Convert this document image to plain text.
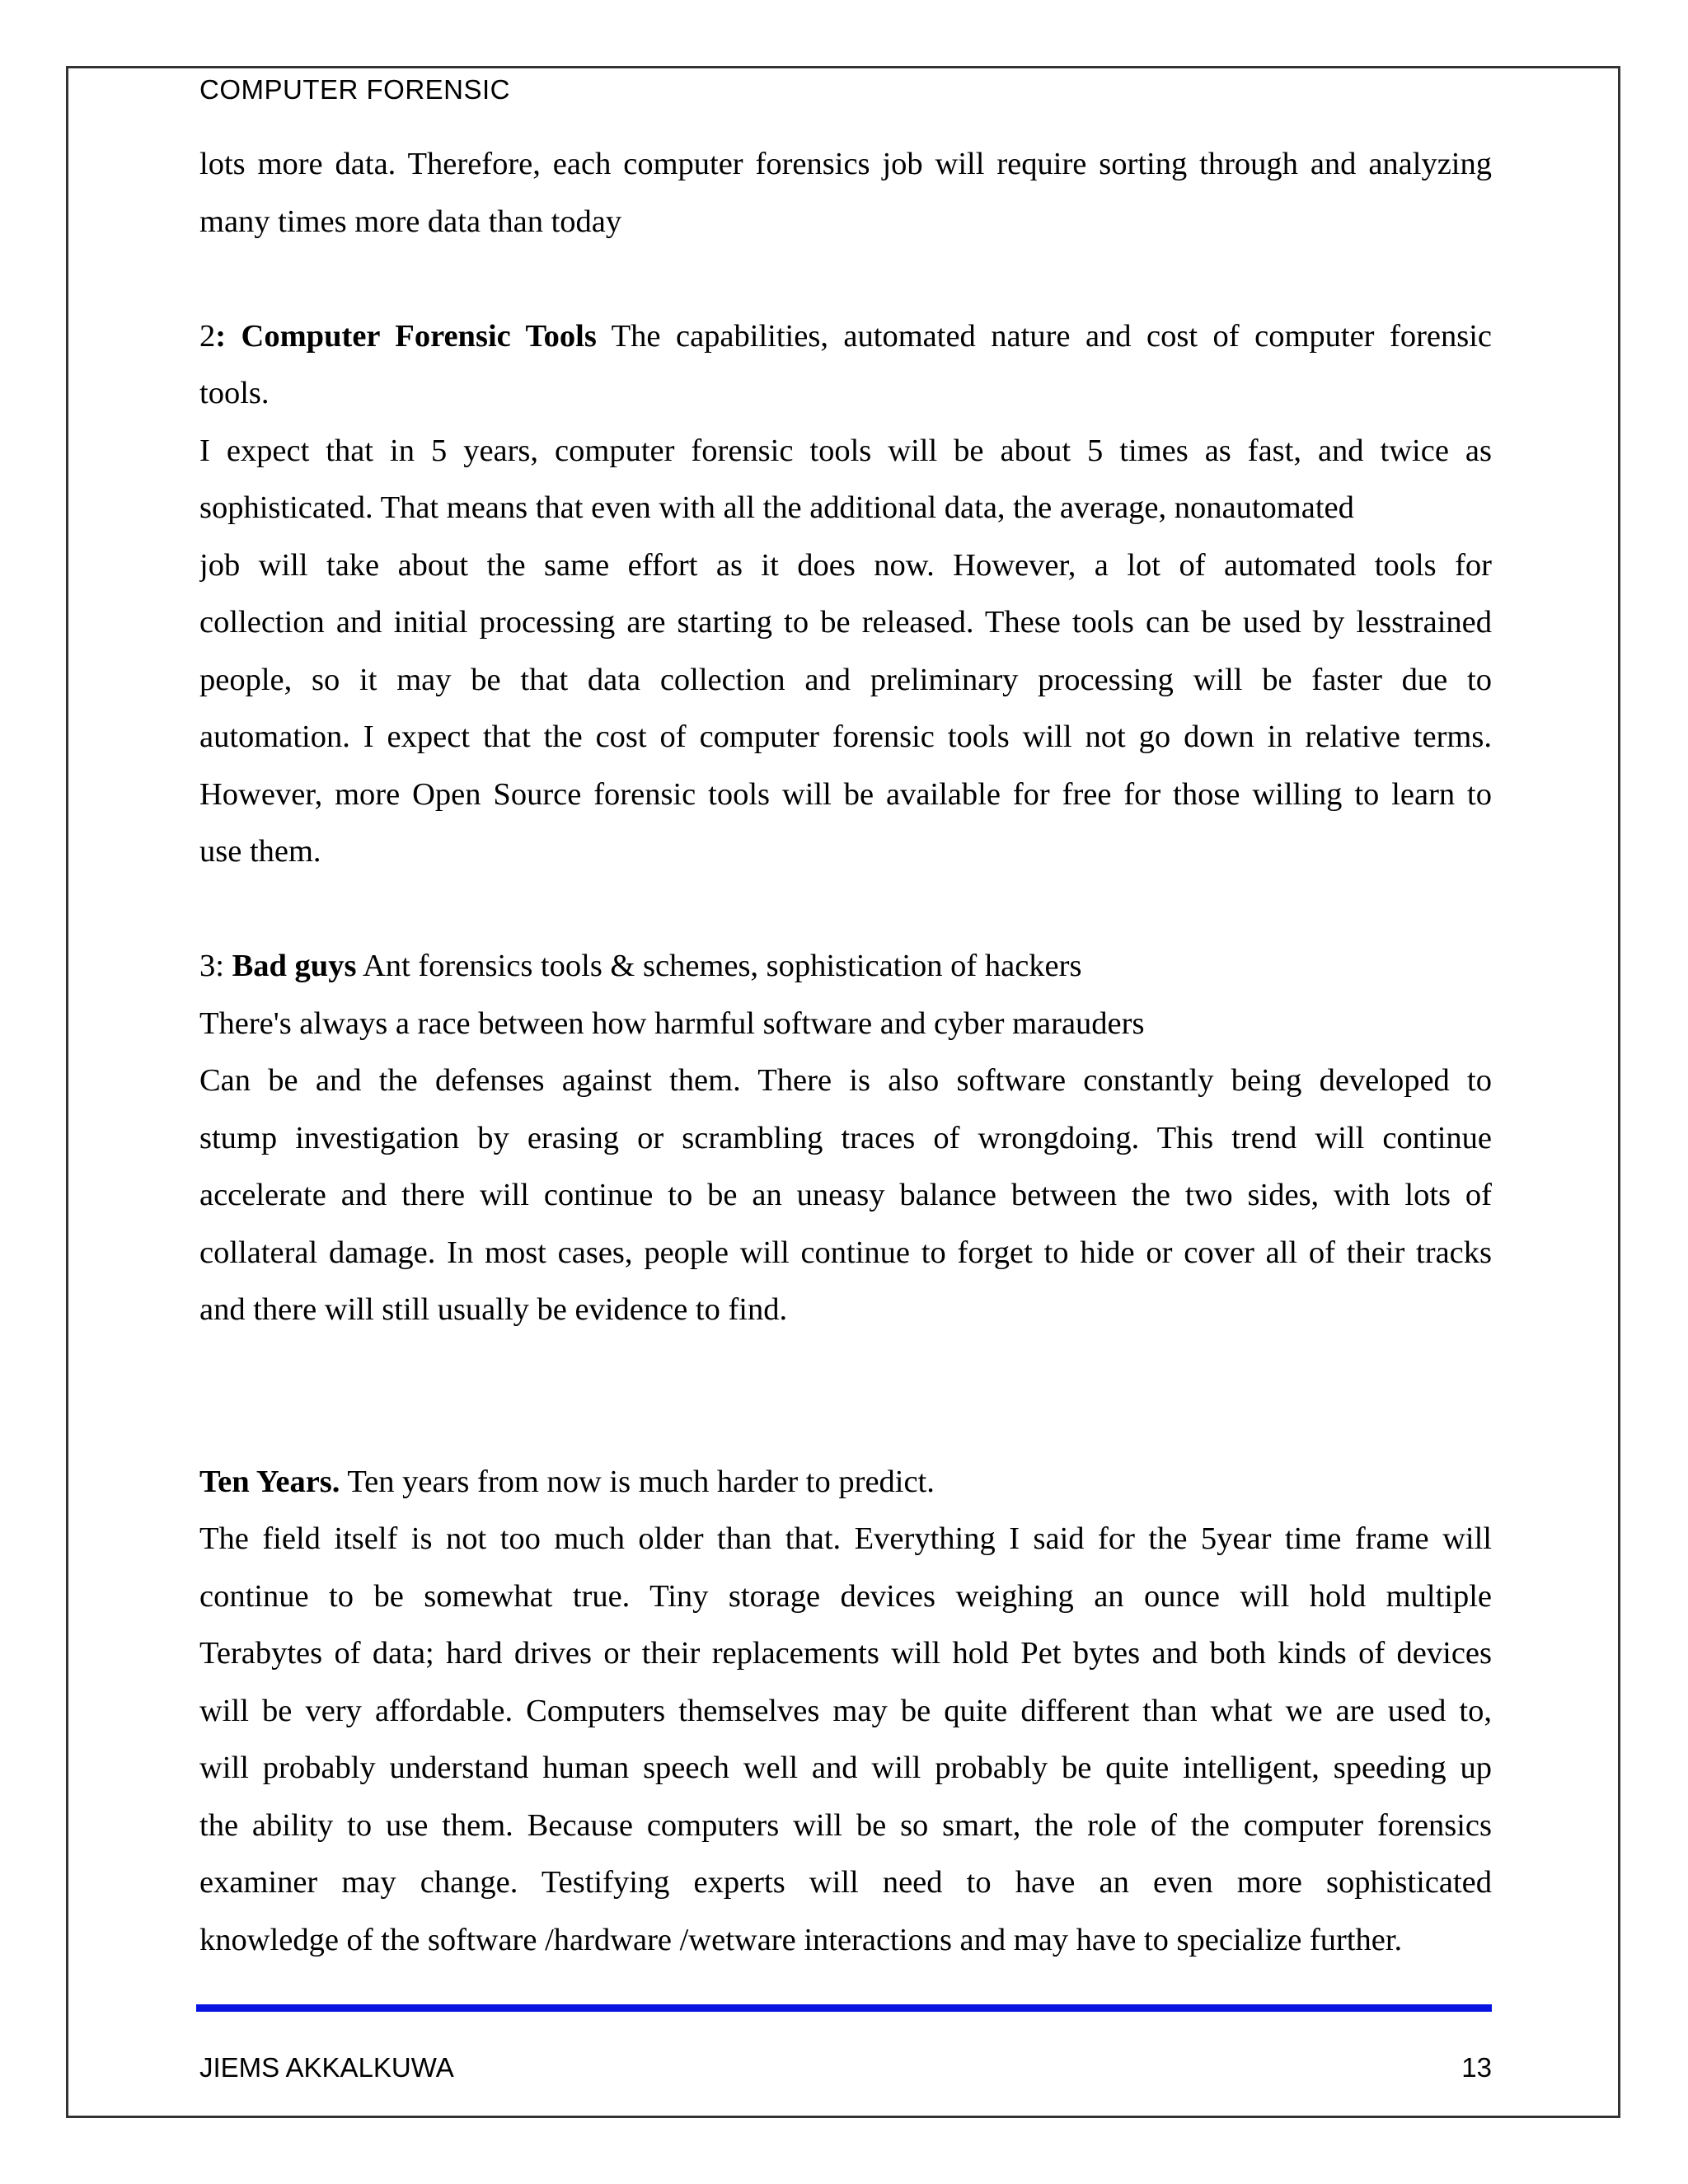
COMPUTER FORENSIC
lots more data. Therefore, each computer forensics job will require sorting through and analyzing
many times more data than today
2: Computer Forensic Tools The capabilities, automated nature and cost of computer forensic
tools.
I expect that in 5 years, computer forensic tools will be about 5 times as fast, and twice as
sophisticated. That means that even with all the additional data, the average, nonautomated
job will take about the same effort as it does now. However, a lot of automated tools for
collection and initial processing are starting to be released. These tools can be used by lesstrained
people, so it may be that data collection and preliminary processing will be faster due to
automation. I expect that the cost of computer forensic tools will not go down in relative terms.
However, more Open Source forensic tools will be available for free for those willing to learn to
use them.
3: Bad guys Ant forensics tools & schemes, sophistication of hackers
There's always a race between how harmful software and cyber marauders
Can be and the defenses against them. There is also software constantly being developed to
stump investigation by erasing or scrambling traces of wrongdoing. This trend will continue
accelerate and there will continue to be an uneasy balance between the two sides, with lots of
collateral damage. In most cases, people will continue to forget to hide or cover all of their tracks
and there will still usually be evidence to find.
Ten Years. Ten years from now is much harder to predict.
The field itself is not too much older than that. Everything I said for the 5year time frame will
continue to be somewhat true. Tiny storage devices weighing an ounce will hold multiple
Terabytes of data; hard drives or their replacements will hold Pet bytes and both kinds of devices
will be very affordable. Computers themselves may be quite different than what we are used to,
will probably understand human speech well and will probably be quite intelligent, speeding up
the ability to use them. Because computers will be so smart, the role of the computer forensics
examiner may change. Testifying experts will need to have an even more sophisticated
knowledge of the software /hardware /wetware interactions and may have to specialize further.
JIEMS AKKALKUWA	13
